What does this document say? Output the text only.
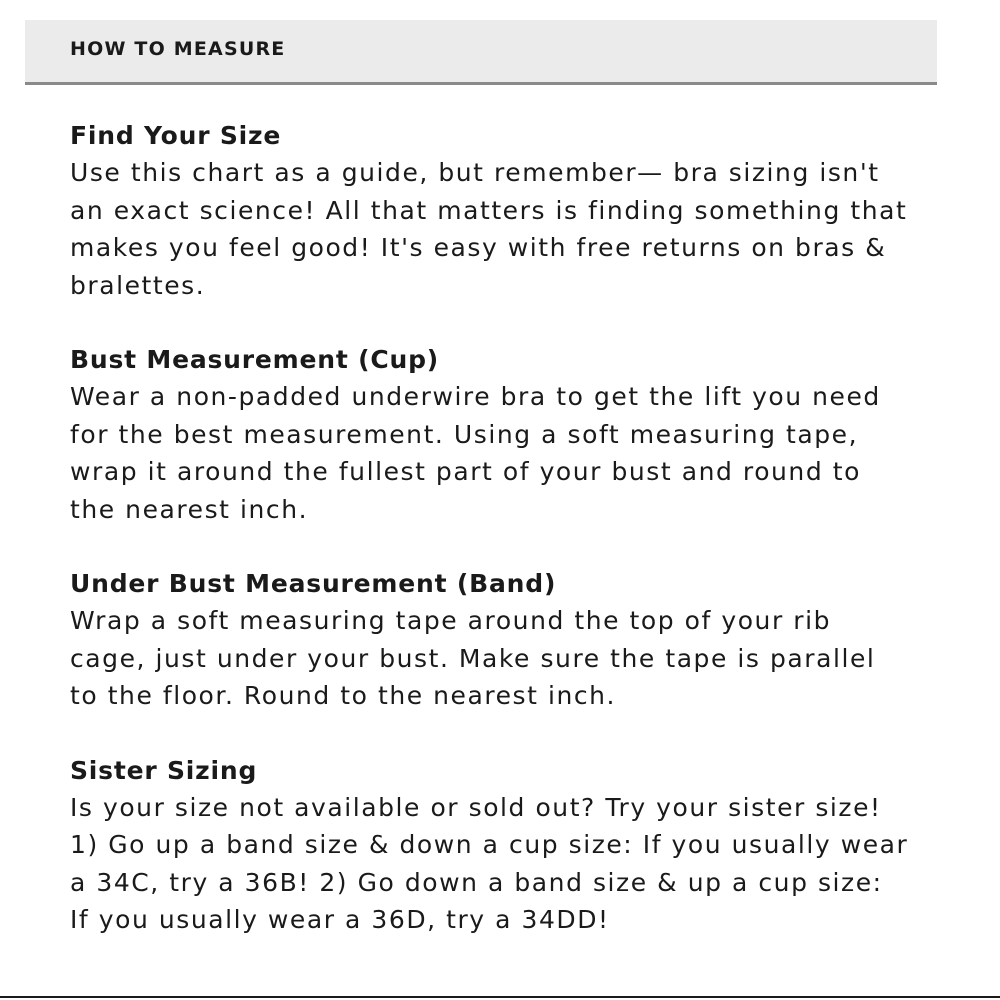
HOW TO MEASURE
Find Your Size

Use this chart as a guide, but remember— bra sizing isn't an exact science! All that matters is finding something that makes you feel good! It's easy with free returns on bras & bralettes.

Bust Measurement (Cup)

Wear a non-padded underwire bra to get the lift you need for the best measurement. Using a soft measuring tape, wrap it around the fullest part of your bust and round to the nearest inch.

Under Bust Measurement (Band)

Wrap a soft measuring tape around the top of your rib cage, just under your bust. Make sure the tape is parallel to the floor. Round to the nearest inch.

Sister Sizing

Is your size not available or sold out? Try your sister size! 1) Go up a band size & down a cup size: If you usually wear a 34C, try a 36B! 2) Go down a band size & up a cup size: If you usually wear a 36D, try a 34DD!
